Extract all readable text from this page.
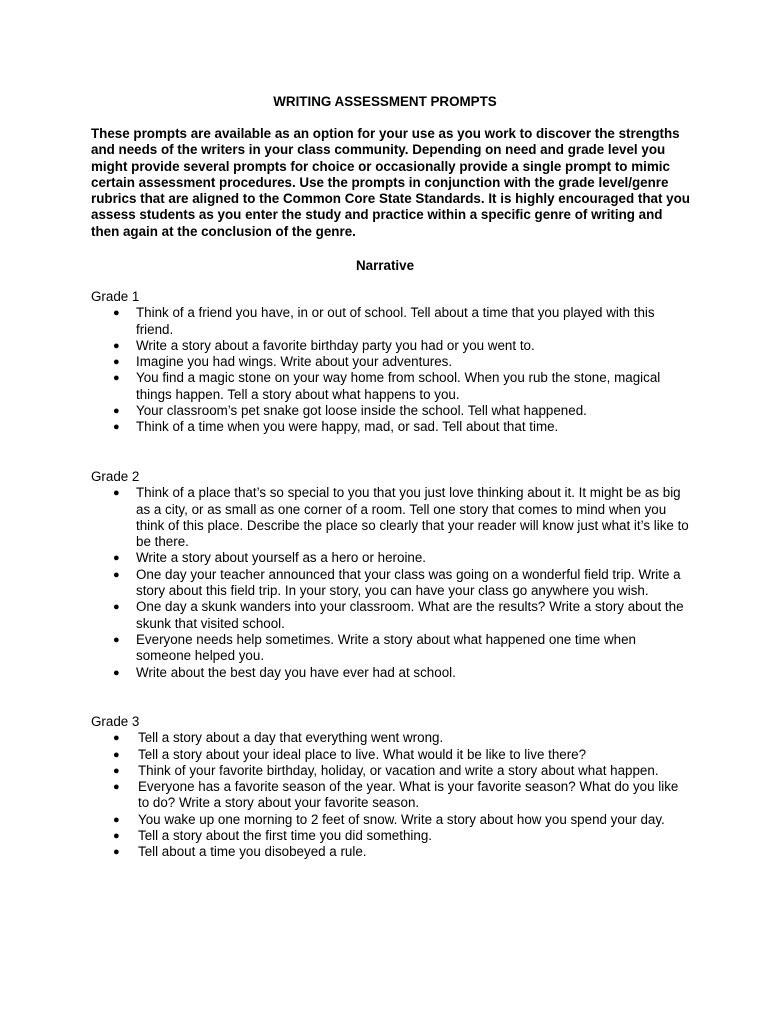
WRITING ASSESSMENT PROMPTS
These prompts are available as an option for your use as you work to discover the strengths and needs of the writers in your class community. Depending on need and grade level you might provide several prompts for choice or occasionally provide a single prompt to mimic certain assessment procedures. Use the prompts in conjunction with the grade level/genre rubrics that are aligned to the Common Core State Standards. It is highly encouraged that you assess students as you enter the study and practice within a specific genre of writing and then again at the conclusion of the genre.
Narrative

Grade 1

● Think of a friend you have, in or out of school. Tell about a time that you played with this friend.
● Write a story about a favorite birthday party you had or you went to.
● Imagine you had wings. Write about your adventures.
● You find a magic stone on your way home from school. When you rub the stone, magical things happen. Tell a story about what happens to you.
● Your classroom’s pet snake got loose inside the school. Tell what happened.
● Think of a time when you were happy, mad, or sad. Tell about that time.

Grade 2

● Think of a place that’s so special to you that you just love thinking about it. It might be as big as a city, or as small as one corner of a room. Tell one story that comes to mind when you think of this place. Describe the place so clearly that your reader will know just what it’s like to be there.
● Write a story about yourself as a hero or heroine.
● One day your teacher announced that your class was going on a wonderful field trip. Write a story about this field trip. In your story, you can have your class go anywhere you wish.
● One day a skunk wanders into your classroom. What are the results? Write a story about the skunk that visited school.
● Everyone needs help sometimes. Write a story about what happened one time when someone helped you.
● Write about the best day you have ever had at school.

Grade 3

● Tell a story about a day that everything went wrong.
● Tell a story about your ideal place to live. What would it be like to live there?
● Think of your favorite birthday, holiday, or vacation and write a story about what happen.
● Everyone has a favorite season of the year. What is your favorite season? What do you like to do? Write a story about your favorite season.
● You wake up one morning to 2 feet of snow. Write a story about how you spend your day.
● Tell a story about the first time you did something.
● Tell about a time you disobeyed a rule.
